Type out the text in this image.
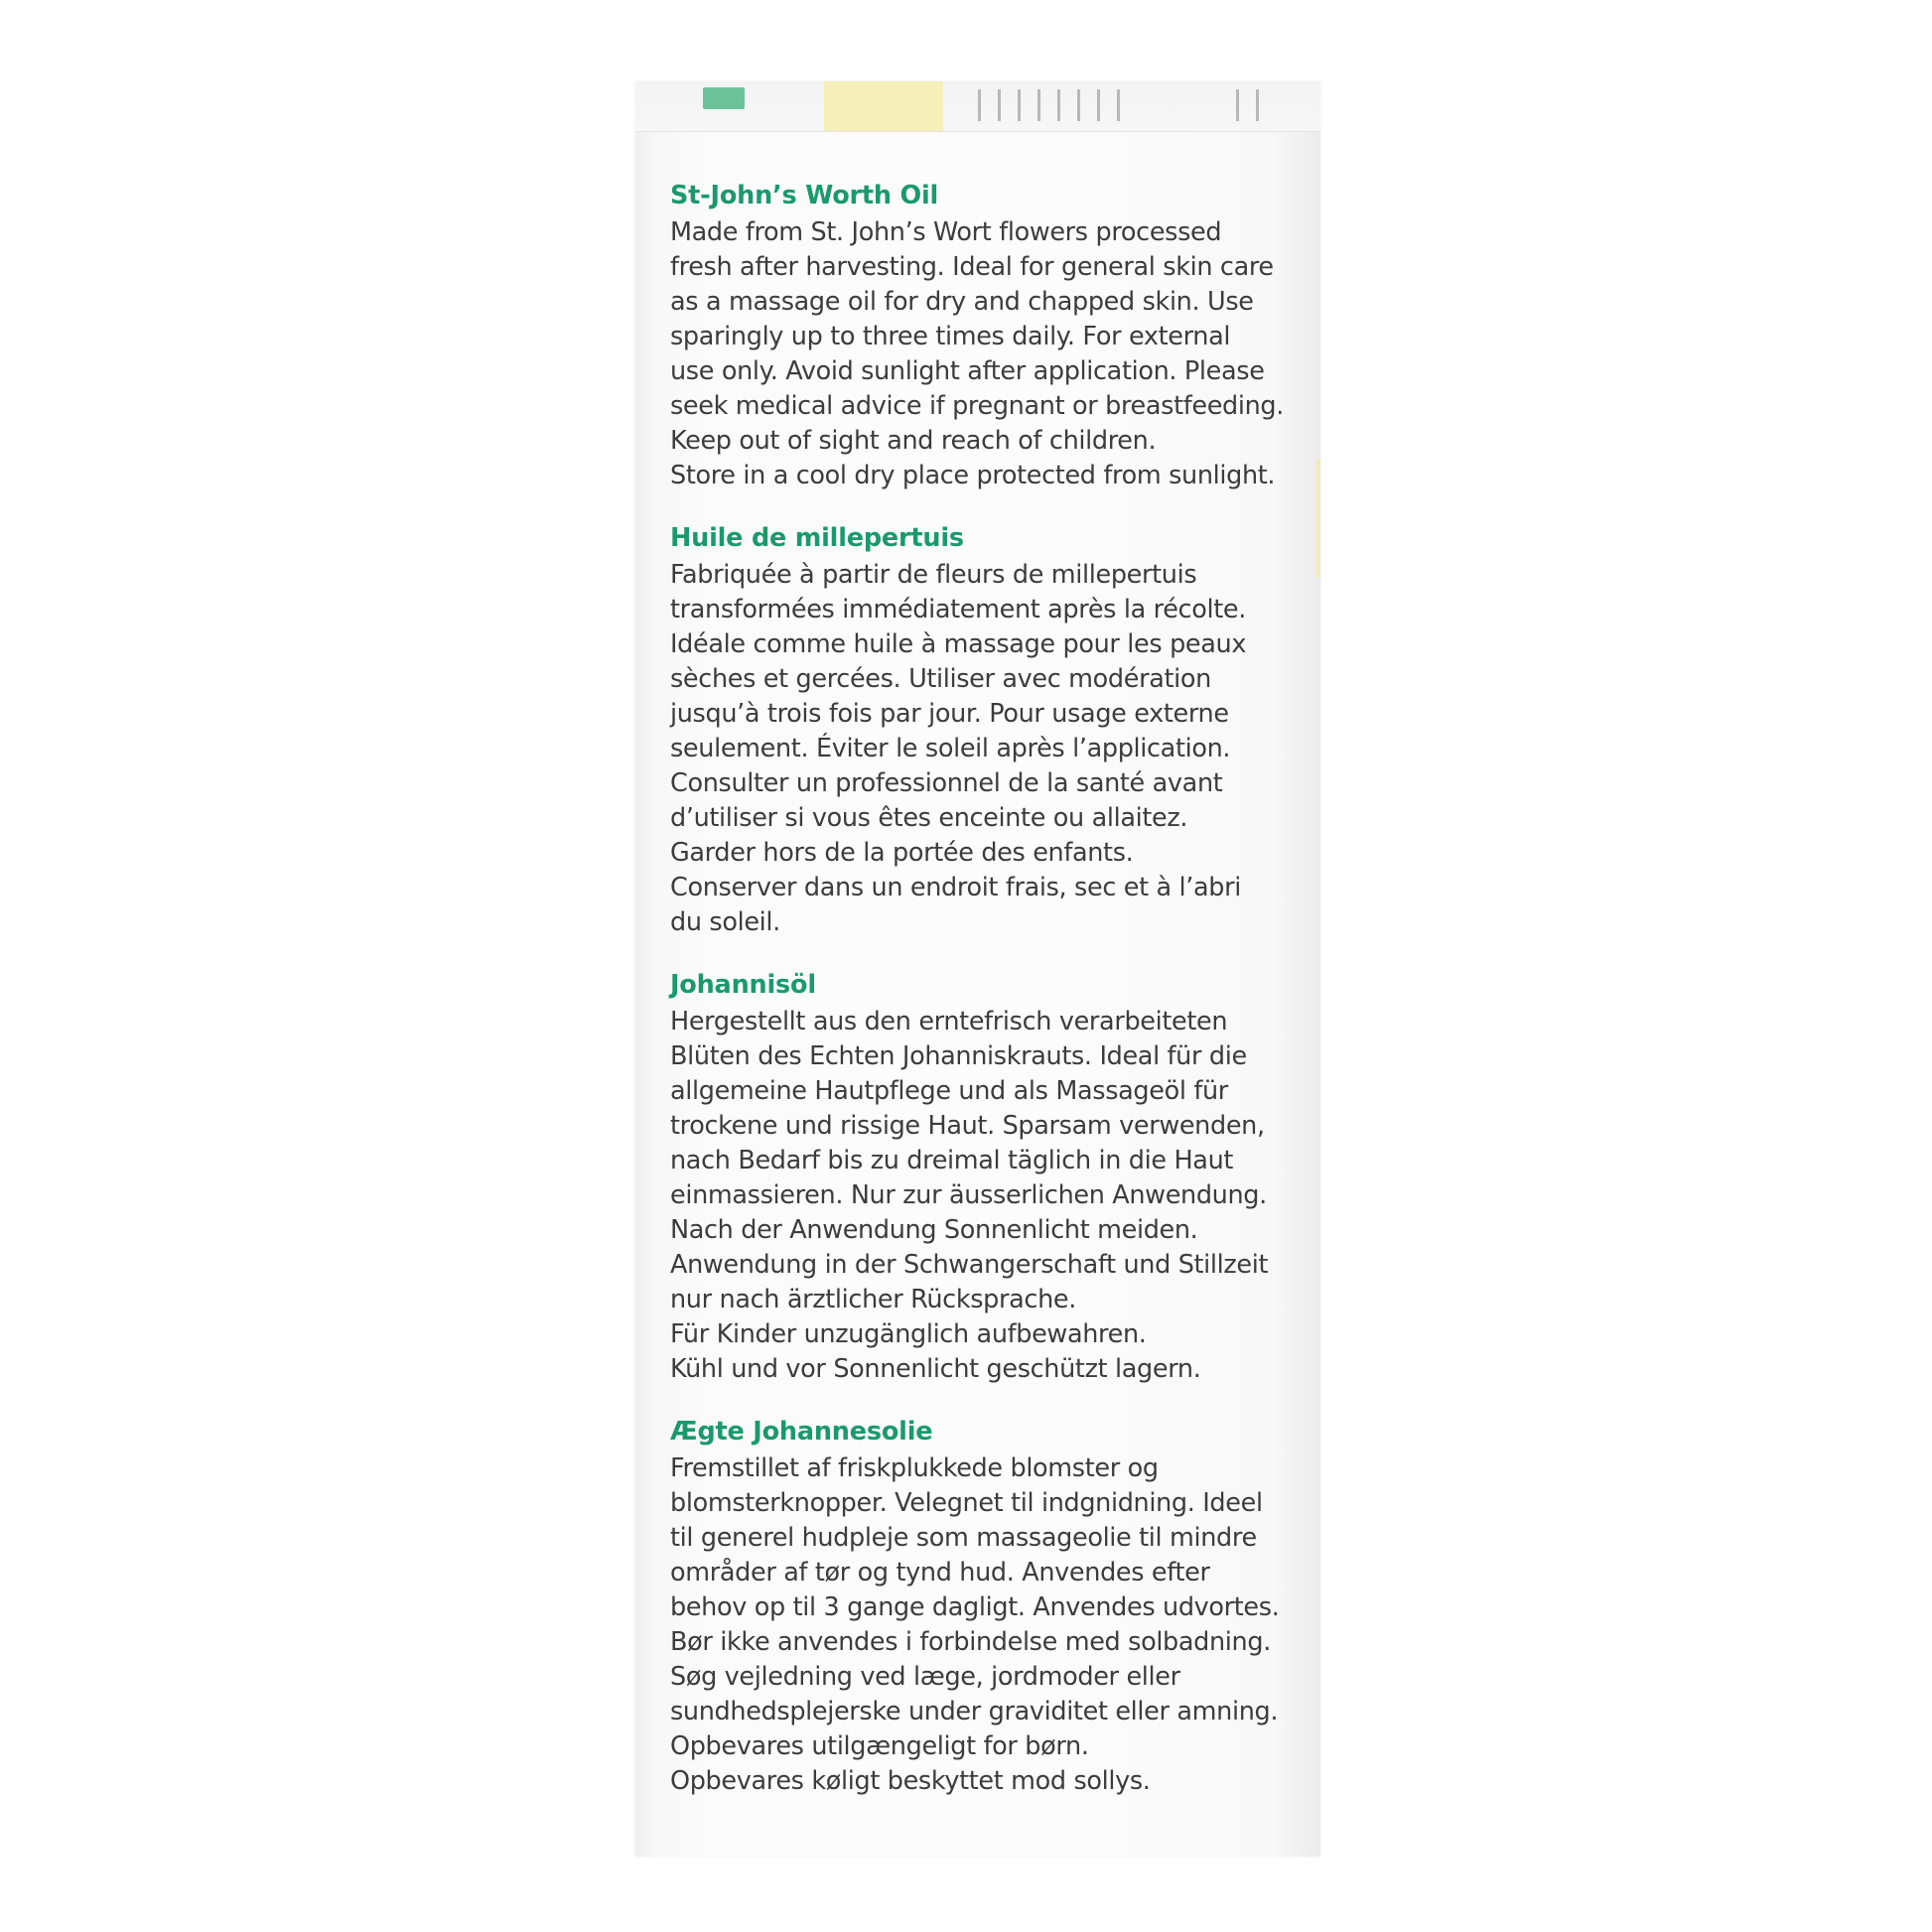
St-John’s Worth Oil

Made from St. John’s Wort flowers processed
fresh after harvesting. Ideal for general skin care
as a massage oil for dry and chapped skin. Use
sparingly up to three times daily. For external
use only. Avoid sunlight after application. Please
seek medical advice if pregnant or breastfeeding.
Keep out of sight and reach of children.
Store in a cool dry place protected from sunlight.

Huile de millepertuis

Fabriquée à partir de fleurs de millepertuis
transformées immédiatement après la récolte.
Idéale comme huile à massage pour les peaux
sèches et gercées. Utiliser avec modération
jusqu’à trois fois par jour. Pour usage externe
seulement. Éviter le soleil après l’application.
Consulter un professionnel de la santé avant
d’utiliser si vous êtes enceinte ou allaitez.
Garder hors de la portée des enfants.
Conserver dans un endroit frais, sec et à l’abri
du soleil.

Johannisöl

Hergestellt aus den erntefrisch verarbeiteten
Blüten des Echten Johanniskrauts. Ideal für die
allgemeine Hautpflege und als Massageöl für
trockene und rissige Haut. Sparsam verwenden,
nach Bedarf bis zu dreimal täglich in die Haut
einmassieren. Nur zur äusserlichen Anwendung.
Nach der Anwendung Sonnenlicht meiden.
Anwendung in der Schwangerschaft und Stillzeit
nur nach ärztlicher Rücksprache.
Für Kinder unzugänglich aufbewahren.
Kühl und vor Sonnenlicht geschützt lagern.

Ægte Johannesolie

Fremstillet af friskplukkede blomster og
blomsterknopper. Velegnet til indgnidning. Ideel
til generel hudpleje som massageolie til mindre
områder af tør og tynd hud. Anvendes efter
behov op til 3 gange dagligt. Anvendes udvortes.
Bør ikke anvendes i forbindelse med solbadning.
Søg vejledning ved læge, jordmoder eller
sundhedsplejerske under graviditet eller amning.
Opbevares utilgængeligt for børn.
Opbevares køligt beskyttet mod sollys.
